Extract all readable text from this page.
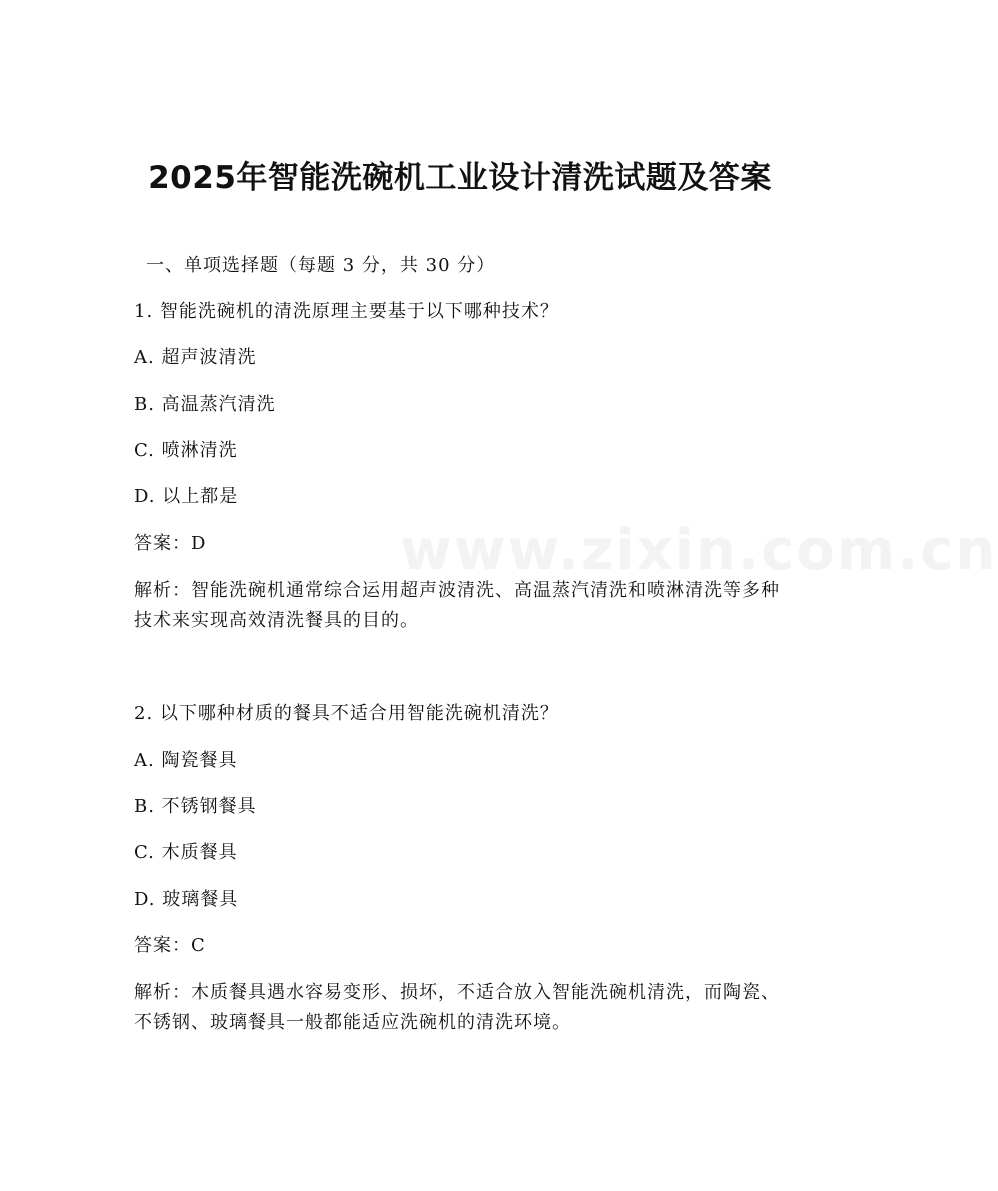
www.zixin.com.cn
2025年智能洗碗机工业设计清洗试题及答案
一、单项选择题（每题 3 分，共 30 分）
1. 智能洗碗机的清洗原理主要基于以下哪种技术？
A. 超声波清洗
B. 高温蒸汽清洗
C. 喷淋清洗
D. 以上都是
答案：D
解析：智能洗碗机通常综合运用超声波清洗、高温蒸汽清洗和喷淋清洗等多种技术来实现高效清洗餐具的目的。
2. 以下哪种材质的餐具不适合用智能洗碗机清洗？
A. 陶瓷餐具
B. 不锈钢餐具
C. 木质餐具
D. 玻璃餐具
答案：C
解析：木质餐具遇水容易变形、损坏，不适合放入智能洗碗机清洗，而陶瓷、不锈钢、玻璃餐具一般都能适应洗碗机的清洗环境。
